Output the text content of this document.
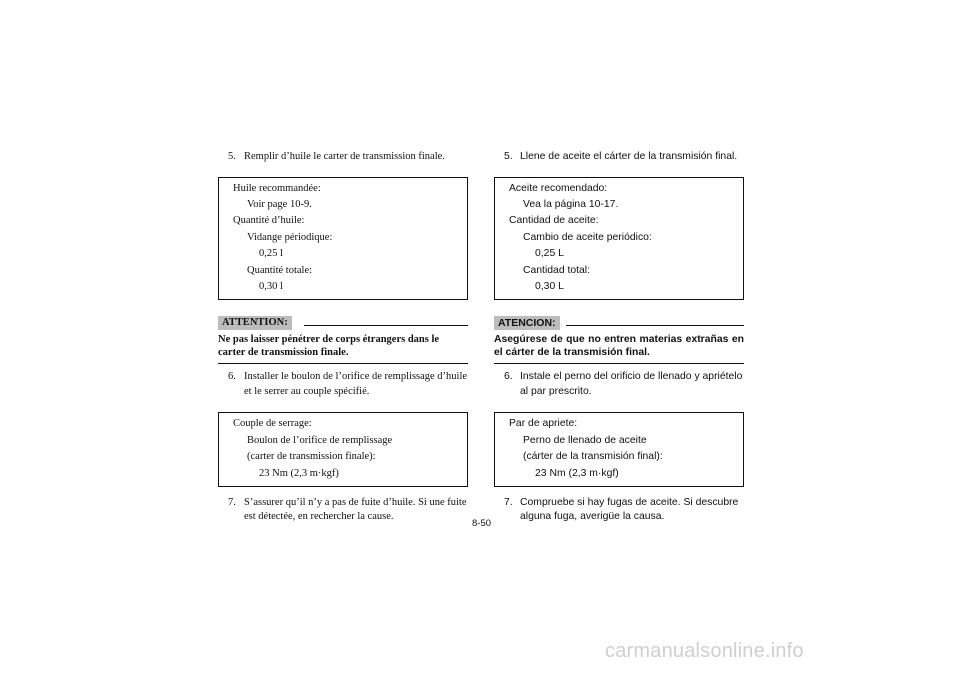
5. Remplir d’huile le carter de transmission finale.
Huile recommandée:
Voir page 10-9.
Quantité d’huile:
Vidange périodique:
0,25 l
Quantité totale:
0,30 l
ATTENTION:
Ne pas laisser pénétrer de corps étrangers dans le carter de transmission finale.
6. Installer le boulon de l’orifice de remplissage d’huile et le serrer au couple spécifié.
Couple de serrage:
Boulon de l’orifice de remplissage
(carter de transmission finale):
23 Nm (2,3 m·kgf)
7. S’assurer qu’il n’y a pas de fuite d’huile. Si une fuite est détectée, en rechercher la cause.
5. Llene de aceite el cárter de la transmisión final.
Aceite recomendado:
Vea la página 10-17.
Cantidad de aceite:
Cambio de aceite periódico:
0,25 L
Cantidad total:
0,30 L
ATENCION:
Asegúrese de que no entren materias extrañas en el cárter de la transmisión final.
6. Instale el perno del orificio de llenado y apriételo al par prescrito.
Par de apriete:
Perno de llenado de aceite
(cárter de la transmisión final):
23 Nm (2,3 m·kgf)
7. Compruebe si hay fugas de aceite. Si descubre alguna fuga, averigüe la causa.
8-50
carmanualsonline.info
